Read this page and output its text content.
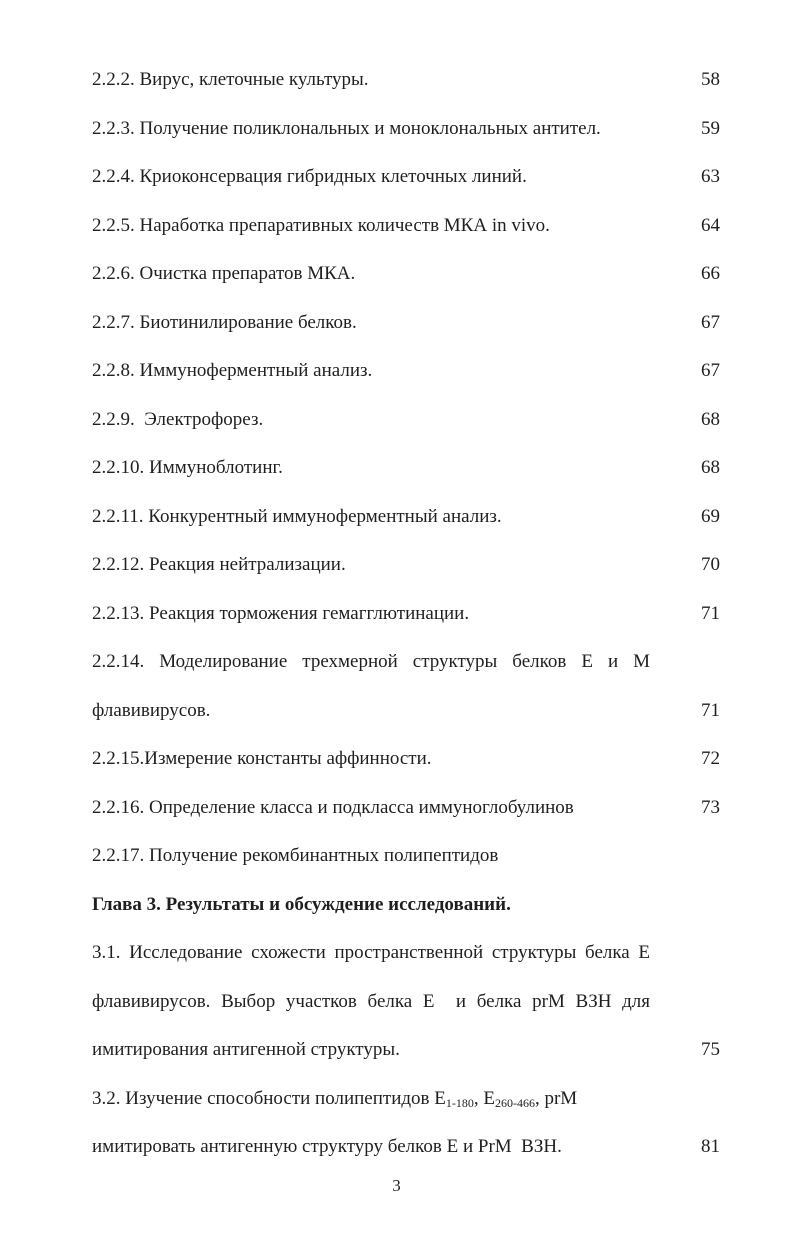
2.2.2. Вирус, клеточные культуры.	58
2.2.3. Получение поликлональных и моноклональных антител.	59
2.2.4. Криоконсервация гибридных клеточных линий.	63
2.2.5. Наработка препаративных количеств МКА in vivo.	64
2.2.6. Очистка препаратов МКА.	66
2.2.7. Биотинилирование белков.	67
2.2.8. Иммуноферментный анализ.	67
2.2.9.  Электрофорез.	68
2.2.10. Иммуноблотинг.	68
2.2.11. Конкурентный иммуноферментный анализ.	69
2.2.12. Реакция нейтрализации.	70
2.2.13. Реакция торможения гемагглютинации.	71
2.2.14. Моделирование трехмерной структуры белков Е и М
флавивирусов.	71
2.2.15.Измерение константы аффинности.	72
2.2.16. Определение класса и подкласса иммуноглобулинов	73
2.2.17. Получение рекомбинантных полипептидов
Глава 3. Результаты и обсуждение исследований.
3.1. Исследование схожести пространственной структуры белка Е
флавивирусов. Выбор участков белка Е  и белка prM ВЗН для
имитирования антигенной структуры.	75
3.2. Изучение способности полипептидов $Е_{1-180}$, $Е_{260-466}$, prM
имитировать антигенную структуру белков Е и PrM  ВЗН.	81
3
